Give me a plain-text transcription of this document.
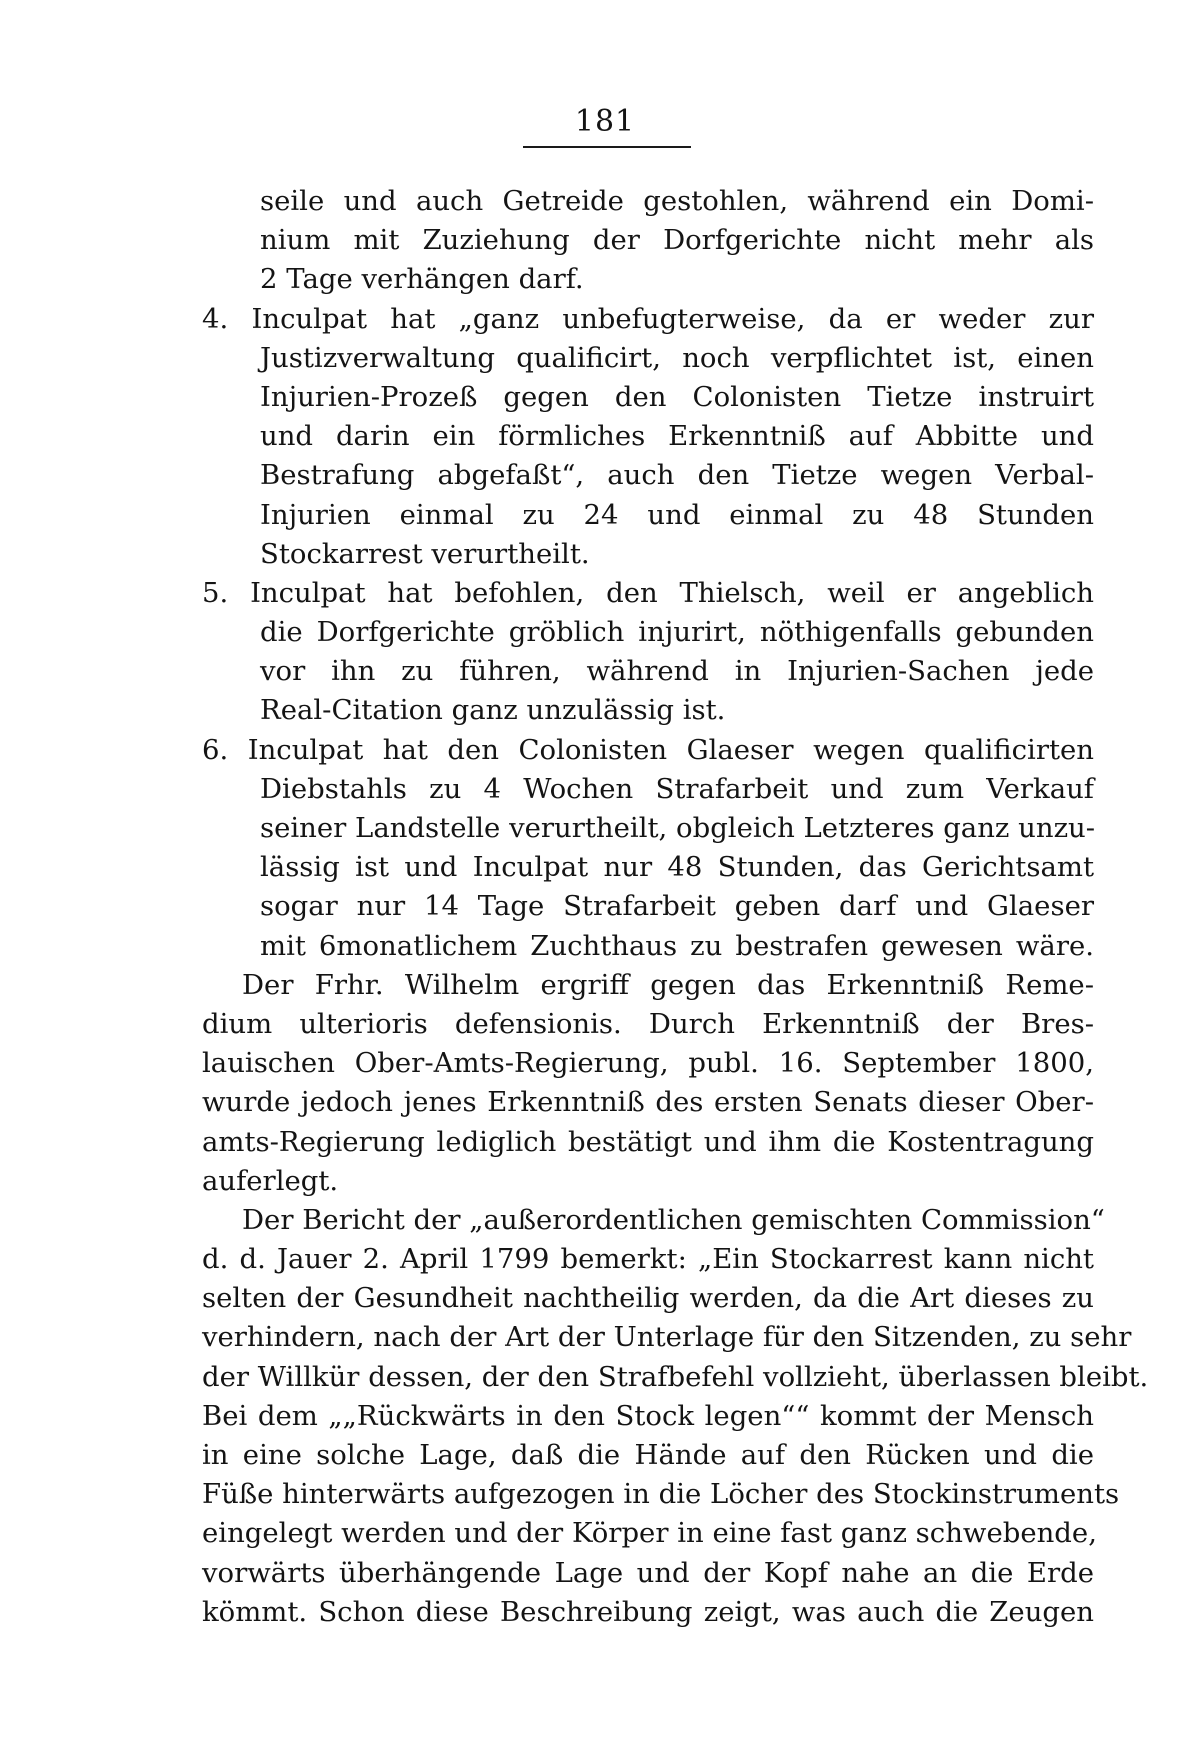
181
seile und auch Getreide gestohlen, während ein Domi-
nium mit Zuziehung der Dorfgerichte nicht mehr als
2 Tage verhängen darf.
4. Inculpat hat „ganz unbefugterweise, da er weder zur
Justizverwaltung qualificirt, noch verpflichtet ist, einen
Injurien-Prozeß gegen den Colonisten Tietze instruirt
und darin ein förmliches Erkenntniß auf Abbitte und
Bestrafung abgefaßt“, auch den Tietze wegen Verbal-
Injurien einmal zu 24 und einmal zu 48 Stunden
Stockarrest verurtheilt.
5. Inculpat hat befohlen, den Thielsch, weil er angeblich
die Dorfgerichte gröblich injurirt, nöthigenfalls gebunden
vor ihn zu führen, während in Injurien-Sachen jede
Real-Citation ganz unzulässig ist.
6. Inculpat hat den Colonisten Glaeser wegen qualificirten
Diebstahls zu 4 Wochen Strafarbeit und zum Verkauf
seiner Landstelle verurtheilt, obgleich Letzteres ganz unzu-
lässig ist und Inculpat nur 48 Stunden, das Gerichtsamt
sogar nur 14 Tage Strafarbeit geben darf und Glaeser
mit 6monatlichem Zuchthaus zu bestrafen gewesen wäre.
Der Frhr. Wilhelm ergriff gegen das Erkenntniß Reme-
dium ulterioris defensionis. Durch Erkenntniß der Bres-
lauischen Ober-Amts-Regierung, publ. 16. September 1800,
wurde jedoch jenes Erkenntniß des ersten Senats dieser Ober-
amts-Regierung lediglich bestätigt und ihm die Kostentragung
auferlegt.
Der Bericht der „außerordentlichen gemischten Commission“
d. d. Jauer 2. April 1799 bemerkt: „Ein Stockarrest kann nicht
selten der Gesundheit nachtheilig werden, da die Art dieses zu
verhindern, nach der Art der Unterlage für den Sitzenden, zu sehr
der Willkür dessen, der den Strafbefehl vollzieht, überlassen bleibt.
Bei dem „„Rückwärts in den Stock legen““ kommt der Mensch
in eine solche Lage, daß die Hände auf den Rücken und die
Füße hinterwärts aufgezogen in die Löcher des Stockinstruments
eingelegt werden und der Körper in eine fast ganz schwebende,
vorwärts überhängende Lage und der Kopf nahe an die Erde
kömmt. Schon diese Beschreibung zeigt, was auch die Zeugen
